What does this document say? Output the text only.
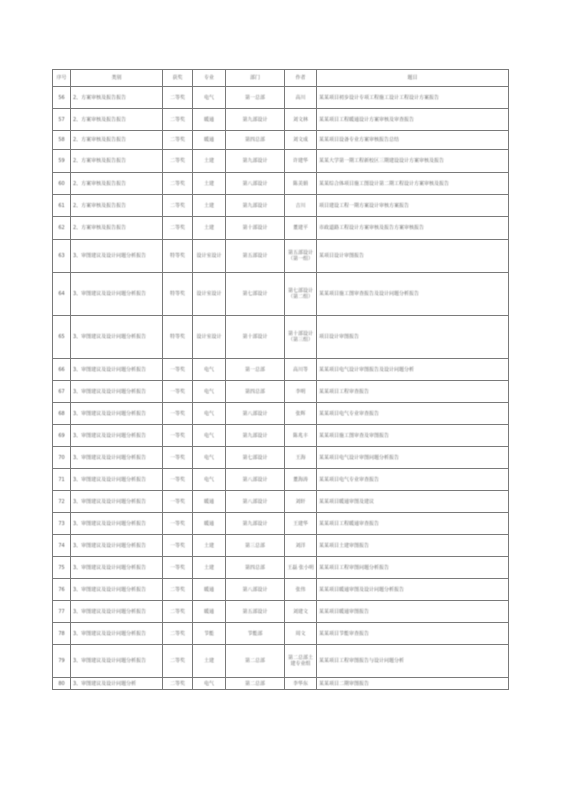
序号	类别	获奖	专业	部门	作者	题目
56	2、方案审核及报告报告	二等奖	电气	第一总部	高川	某某项目初步设计专项工程施工设计工程设计方案报告
57	2、方案审核及报告报告	二等奖	暖通	第九部设计	刘文林	某某项目工程暖通设计方案审核及审查报告
58	2、方案审核及报告报告	二等奖	暖通	第四总部	刘文成	某某项目设备专业方案审核报告总结
59	2、方案审核及报告报告	二等奖	土建	第九部设计	许建华	某某大学第一期工程新校区三期建设设计方案审核及报告
60	2、方案审核及报告报告	二等奖	土建	第八部设计	陈美娟	某某综合体项目施工图设计第二期工程设计方案审核及报告
61	2、方案审核及报告报告	二等奖	土建	第九部设计	吉川	项目建设工程一期方案设计审核方案报告
62	2、方案审核及报告报告	二等奖	土建	第十部设计	董建平	市政道路工程设计方案审核及报告方案审核报告
63	3、审图建议及设计问题分析报告	特等奖	设计室设计	第五部设计	第五部设计（第一组）	某项目设计审图报告
64	3、审图建议及设计问题分析报告	特等奖	设计室设计	第七部设计	第七部设计（第二组）	某某项目施工图审查报告及设计问题分析报告
65	3、审图建议及设计问题分析报告	特等奖	设计室设计	第十部设计	第十部设计（第三组）	项目设计审图报告
66	3、审图建议及设计问题分析报告	一等奖	电气	第一总部	高川等	某某项目电气设计审图报告及设计问题分析
67	3、审图建议及设计问题分析报告	一等奖	电气	第四总部	李明	某某项目工程审查报告
68	3、审图建议及设计问题分析报告	一等奖	电气	第八部设计	张辉	某某项目电气专业审查报告
69	3、审图建议及设计问题分析报告	一等奖	电气	第九部设计	陈兆丰	某某项目施工图审查及审图报告
70	3、审图建议及设计问题分析报告	一等奖	电气	第七部设计	王海	某某项目电气设计审图问题分析报告
71	3、审图建议及设计问题分析报告	一等奖	电气	第八部设计	董海涛	某某项目电气专业审查报告
72	3、审图建议及设计问题分析报告	一等奖	暖通	第八部设计	刘轩	某某项目暖通审图及建议
73	3、审图建议及设计问题分析报告	一等奖	暖通	第九部设计	王建华	某某项目工程暖通审查报告
74	3、审图建议及设计问题分析报告	一等奖	土建	第三总部	刘洋	某某项目土建审图报告
75	3、审图建议及设计问题分析报告	一等奖	土建	第四总部	王磊 张小明	某某项目工程审图问题分析报告
76	3、审图建议及设计问题分析报告	二等奖	暖通	第八部设计	张伟	某某项目暖通审图及设计问题分析报告
77	3、审图建议及设计问题分析报告	二等奖	暖通	第五部设计	刘建文	某某项目暖通审图报告
78	3、审图建议及设计问题分析报告	二等奖	节能	节能部	周文	某某项目节能审查报告
79	3、审图建议及设计问题分析报告	二等奖	土建	第二总部	第二总部土建专业组	某某项目工程审图报告与设计问题分析
80	3、审图建议及设计问题分析	二等奖	电气	第二总部	李华东	某某项目二期审图报告
